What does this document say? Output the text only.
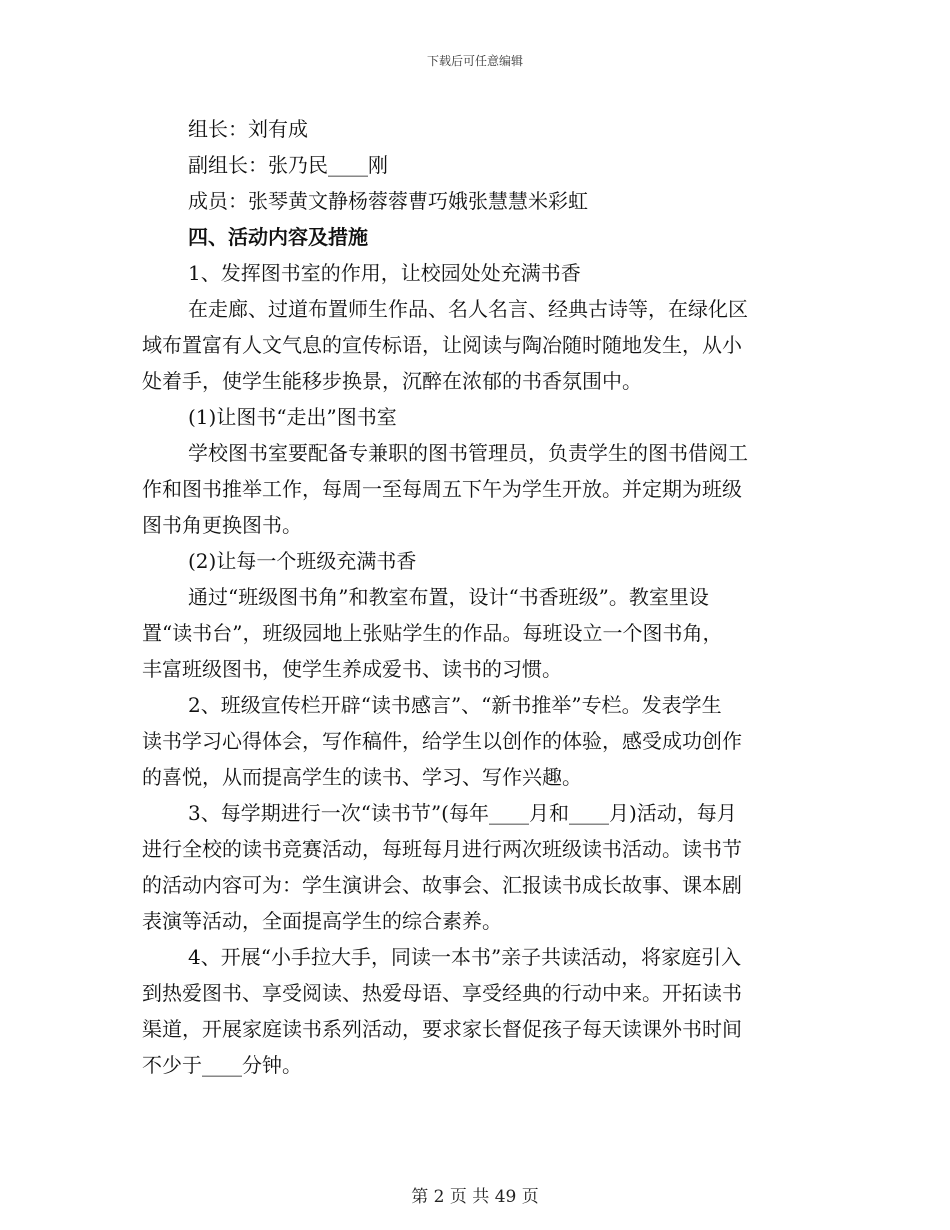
下载后可任意编辑
组长：刘有成
副组长：张乃民____刚
成员：张琴黄文静杨蓉蓉曹巧娥张慧慧米彩虹
四、活动内容及措施
1、发挥图书室的作用，让校园处处充满书香
在走廊、过道布置师生作品、名人名言、经典古诗等，在绿化区
域布置富有人文气息的宣传标语，让阅读与陶冶随时随地发生，从小
处着手，使学生能移步换景，沉醉在浓郁的书香氛围中。
(1)让图书“走出”图书室
学校图书室要配备专兼职的图书管理员，负责学生的图书借阅工
作和图书推举工作，每周一至每周五下午为学生开放。并定期为班级
图书角更换图书。
(2)让每一个班级充满书香
通过“班级图书角”和教室布置，设计“书香班级”。教室里设
置“读书台”，班级园地上张贴学生的作品。每班设立一个图书角，
丰富班级图书，使学生养成爱书、读书的习惯。
2、班级宣传栏开辟“读书感言”、“新书推举”专栏。发表学生
读书学习心得体会，写作稿件，给学生以创作的体验，感受成功创作
的喜悦，从而提高学生的读书、学习、写作兴趣。
3、每学期进行一次“读书节”(每年____月和____月)活动，每月
进行全校的读书竞赛活动，每班每月进行两次班级读书活动。读书节
的活动内容可为：学生演讲会、故事会、汇报读书成长故事、课本剧
表演等活动，全面提高学生的综合素养。
4、开展“小手拉大手，同读一本书”亲子共读活动，将家庭引入
到热爱图书、享受阅读、热爱母语、享受经典的行动中来。开拓读书
渠道，开展家庭读书系列活动，要求家长督促孩子每天读课外书时间
不少于____分钟。
第 2 页 共 49 页
